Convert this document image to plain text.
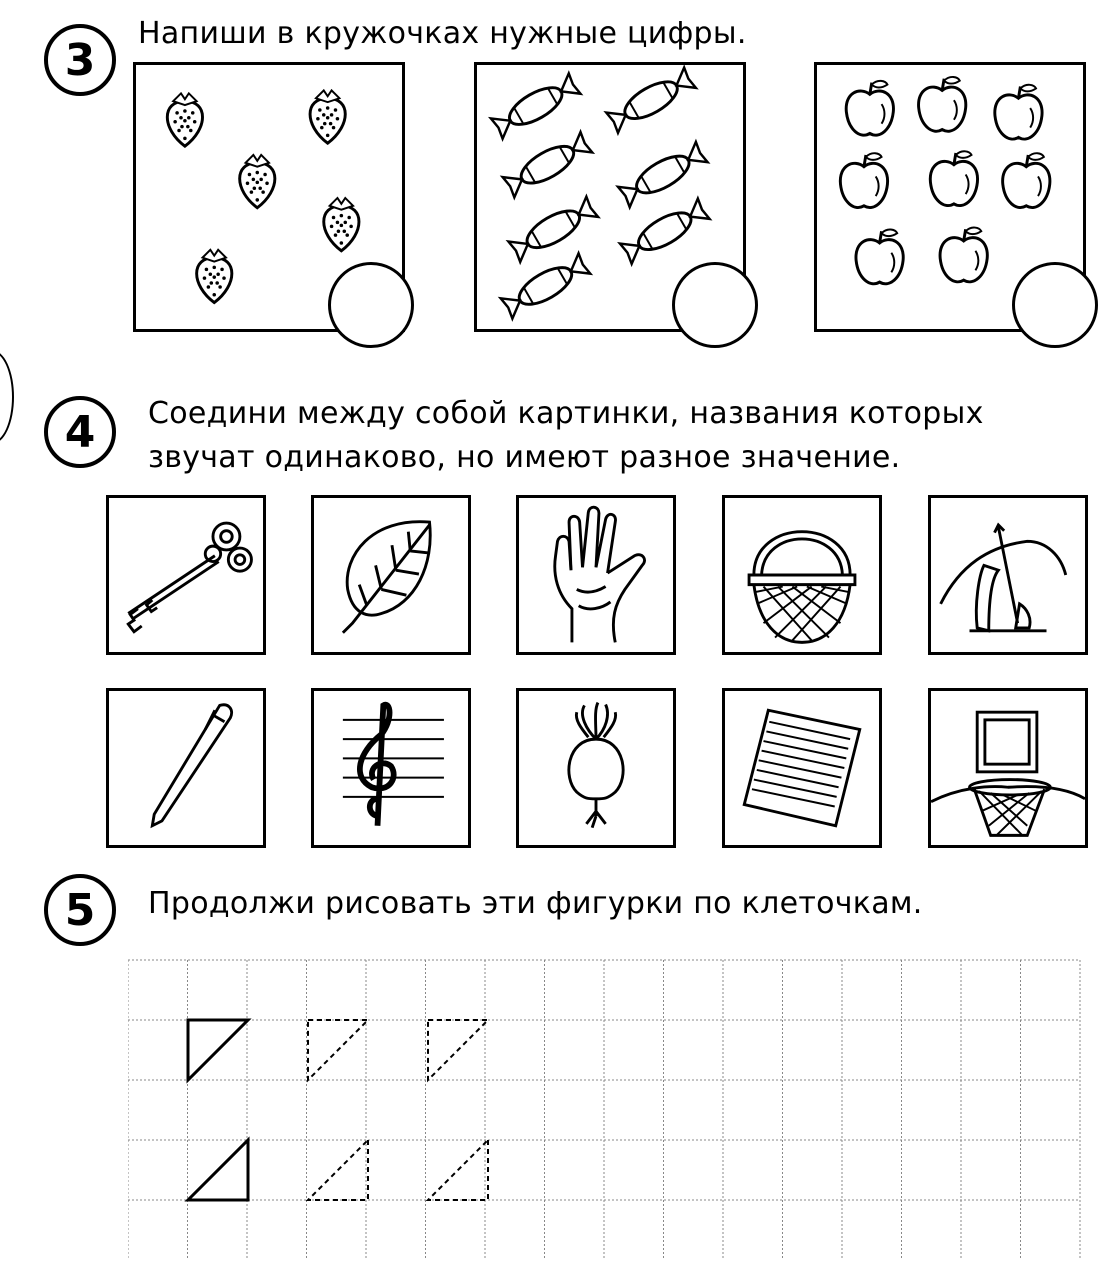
3
Напиши в кружочках нужные цифры.
4	Соедини между собой картинки, названия которых
звучат одинаково, но имеют разное значение.
5	Продолжи рисовать эти фигурки по клеточкам.
